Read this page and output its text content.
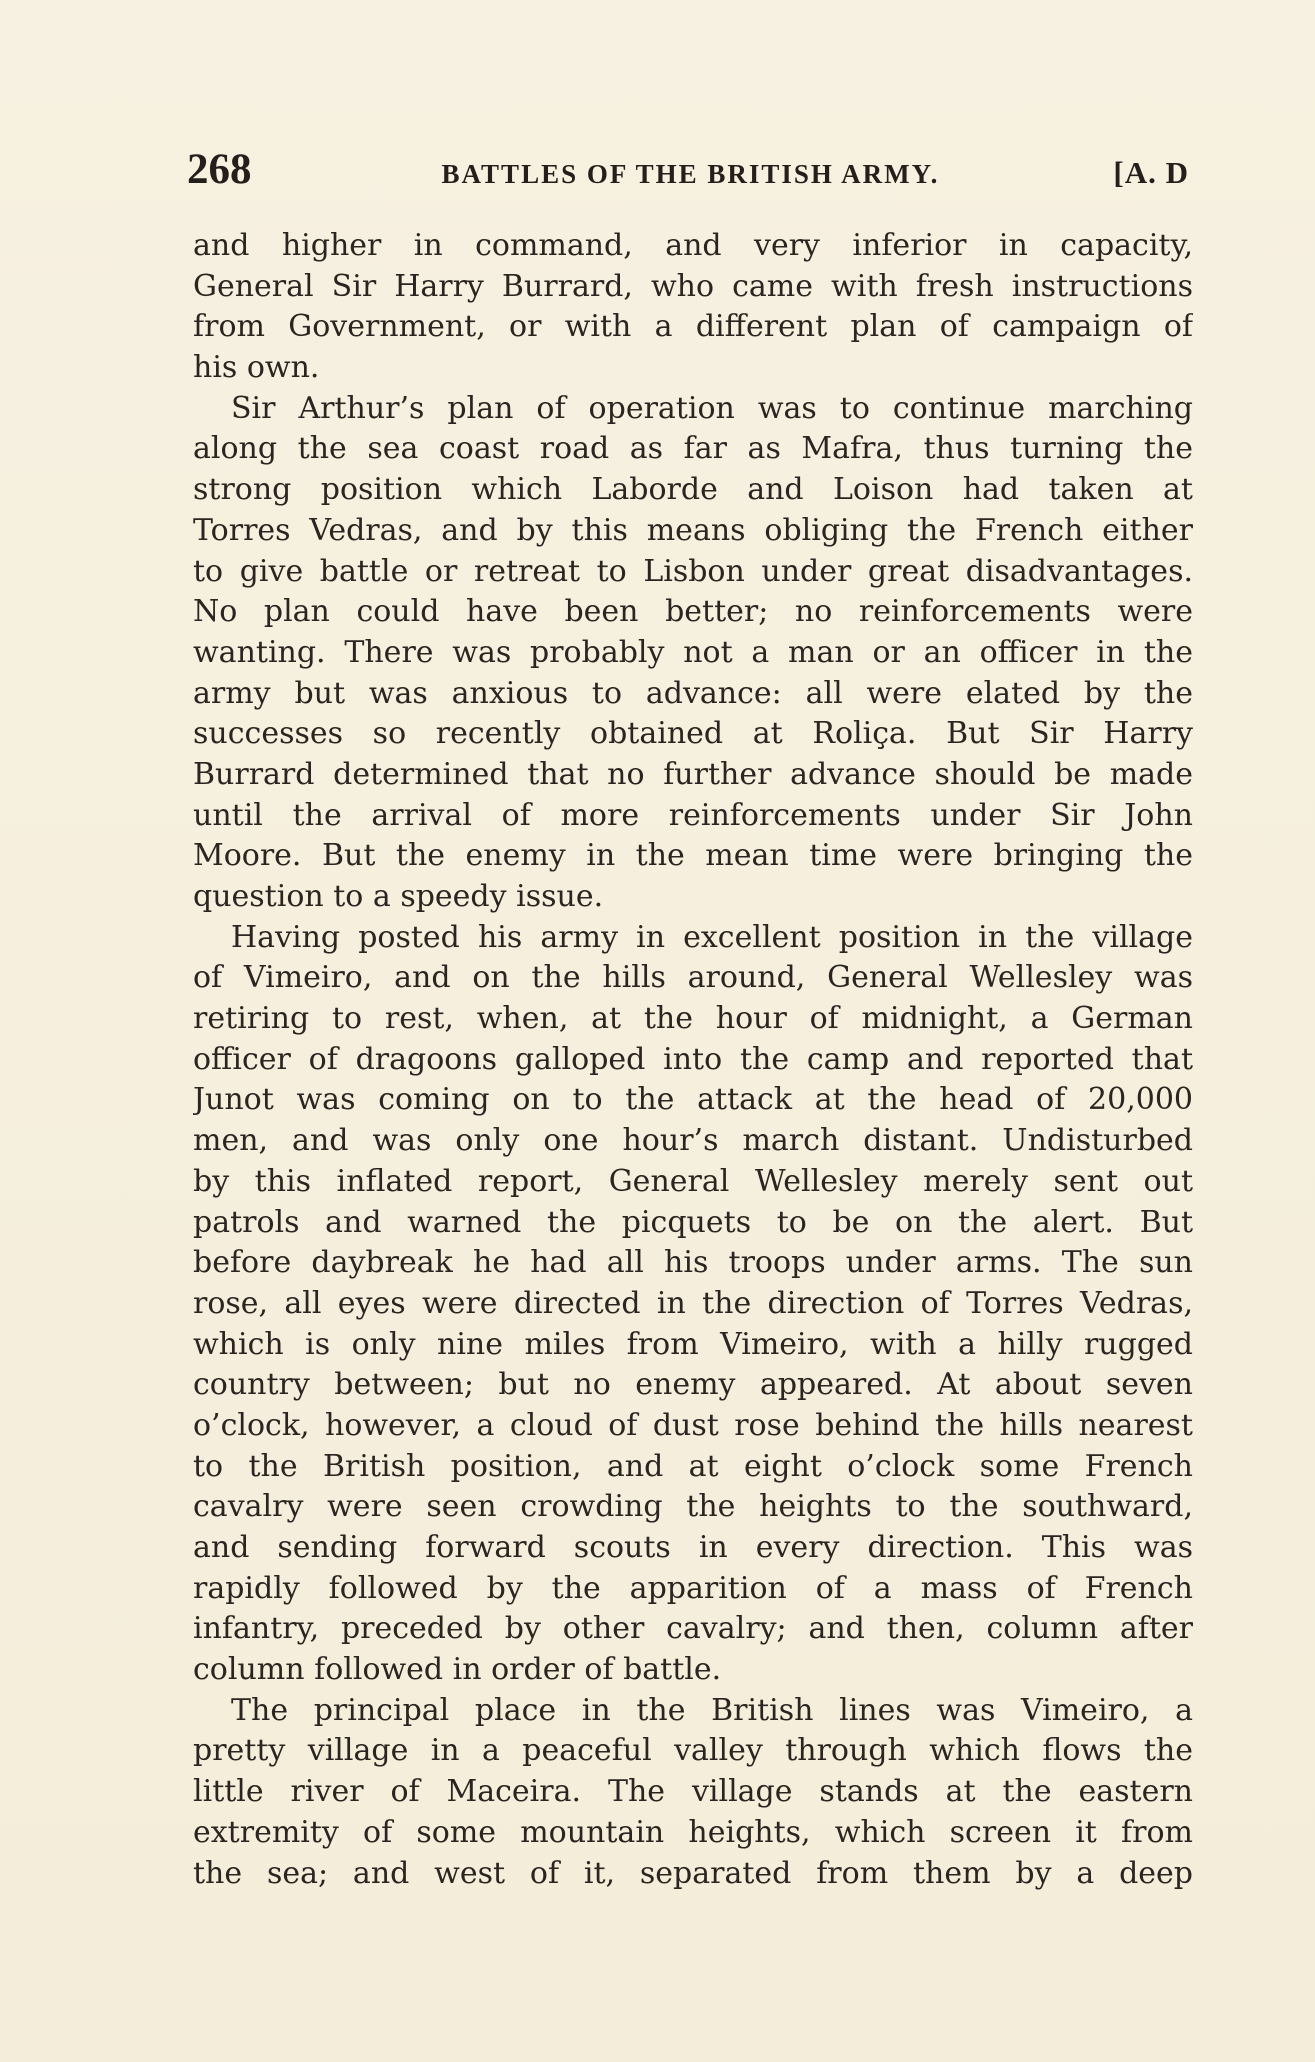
268	BATTLES OF THE BRITISH ARMY.	[A. D
and higher in command, and very inferior in capacity,
General Sir Harry Burrard, who came with fresh instructions
from Government, or with a different plan of campaign of
his own.
Sir Arthur’s plan of operation was to continue marching
along the sea coast road as far as Mafra, thus turning the
strong position which Laborde and Loison had taken at
Torres Vedras, and by this means obliging the French either
to give battle or retreat to Lisbon under great disadvantages.
No plan could have been better; no reinforcements were
wanting. There was probably not a man or an officer in the
army but was anxious to advance: all were elated by the
successes so recently obtained at Roliça. But Sir Harry
Burrard determined that no further advance should be made
until the arrival of more reinforcements under Sir John
Moore. But the enemy in the mean time were bringing the
question to a speedy issue.
Having posted his army in excellent position in the village
of Vimeiro, and on the hills around, General Wellesley was
retiring to rest, when, at the hour of midnight, a German
officer of dragoons galloped into the camp and reported that
Junot was coming on to the attack at the head of 20,000
men, and was only one hour’s march distant. Undisturbed
by this inflated report, General Wellesley merely sent out
patrols and warned the picquets to be on the alert. But
before daybreak he had all his troops under arms. The sun
rose, all eyes were directed in the direction of Torres Vedras,
which is only nine miles from Vimeiro, with a hilly rugged
country between; but no enemy appeared. At about seven
o’clock, however, a cloud of dust rose behind the hills nearest
to the British position, and at eight o’clock some French
cavalry were seen crowding the heights to the southward,
and sending forward scouts in every direction. This was
rapidly followed by the apparition of a mass of French
infantry, preceded by other cavalry; and then, column after
column followed in order of battle.
The principal place in the British lines was Vimeiro, a
pretty village in a peaceful valley through which flows the
little river of Maceira. The village stands at the eastern
extremity of some mountain heights, which screen it from
the sea; and west of it, separated from them by a deep
